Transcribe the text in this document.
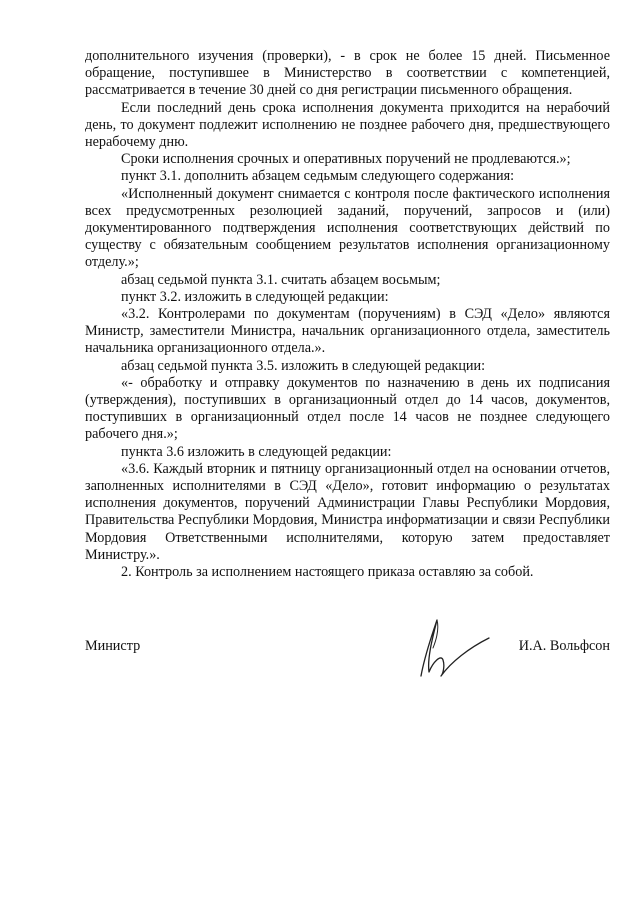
дополнительного изучения (проверки), - в срок не более 15 дней. Письменное обращение, поступившее в Министерство в соответствии с компетенцией, рассматривается в течение 30 дней со дня регистрации письменного обращения.

Если последний день срока исполнения документа приходится на нерабочий день, то документ подлежит исполнению не позднее рабочего дня, предшествующего нерабочему дню.

Сроки исполнения срочных и оперативных поручений не продлеваются.»;

пункт 3.1. дополнить абзацем седьмым следующего содержания:

«Исполненный документ снимается с контроля после фактического исполнения всех предусмотренных резолюцией заданий, поручений, запросов и (или) документированного подтверждения исполнения соответствующих действий по существу с обязательным сообщением результатов исполнения организационному отделу.»;

абзац седьмой пункта 3.1. считать абзацем восьмым;

пункт 3.2. изложить в следующей редакции:

«3.2. Контролерами по документам (поручениям) в СЭД «Дело» являются Министр, заместители Министра, начальник организационного отдела, заместитель начальника организационного отдела.».

абзац седьмой пункта 3.5. изложить в следующей редакции:

«- обработку и отправку документов по назначению в день их подписания (утверждения), поступивших в организационный отдел до 14 часов, документов, поступивших в организационный отдел после 14 часов не позднее следующего рабочего дня.»;

пункта 3.6 изложить в следующей редакции:

«3.6. Каждый вторник и пятницу организационный отдел на основании отчетов, заполненных исполнителями в СЭД «Дело», готовит информацию о результатах исполнения документов, поручений Администрации Главы Республики Мордовия, Правительства Республики Мордовия, Министра информатизации и связи Республики Мордовия Ответственными исполнителями, которую затем предоставляет Министру.».

2. Контроль за исполнением настоящего приказа оставляю за собой.

Министр	И.А. Вольфсон
